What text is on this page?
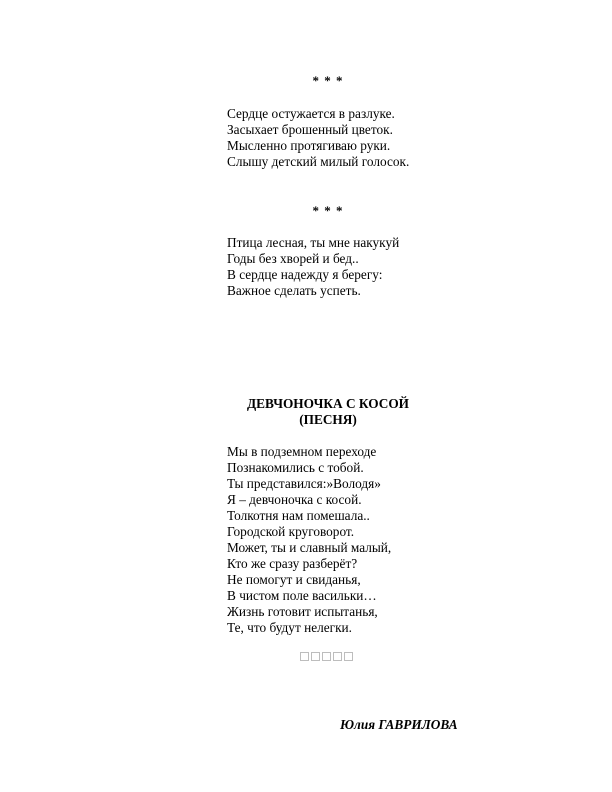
* * *
Сердце остужается в разлуке.
Засыхает брошенный цветок.
Мысленно протягиваю руки.
Слышу детский милый голосок.
* * *
Птица лесная, ты мне накукуй
Годы без хворей и бед..
В сердце надежду я берегу:
Важное сделать успеть.
ДЕВЧОНОЧКА С КОСОЙ
(ПЕСНЯ)
Мы в подземном переходе
Познакомились с тобой.
Ты представился:»Володя»
Я – девчоночка с косой.
Толкотня нам помешала..
Городской круговорот.
Может, ты и славный малый,
Кто же сразу разберёт?
Не помогут и свиданья,
В чистом поле васильки…
Жизнь готовит испытанья,
Те, что будут нелегки.
Юлия ГАВРИЛОВА
